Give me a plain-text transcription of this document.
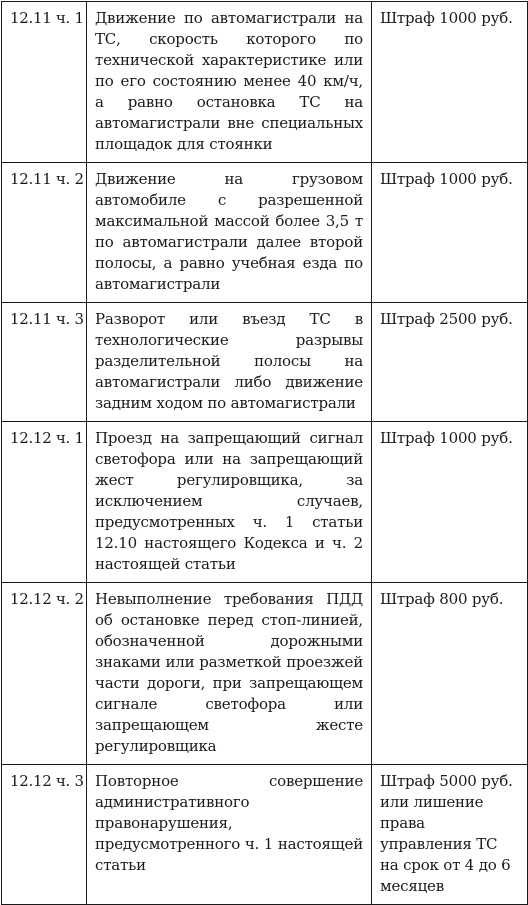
12.11 ч. 1	Движение по автомагистрали на ТС, скорость которого по технической характеристике или по его состоянию менее 40 км/ч, а равно остановка ТС на автомагистрали вне специальных площадок для стоянки	Штраф 1000 руб.
12.11 ч. 2	Движение на грузовом автомобиле с разрешенной максимальной массой более 3,5 т по автомагистрали далее второй полосы, а равно учебная езда по автомагистрали	Штраф 1000 руб.
12.11 ч. 3	Разворот или въезд ТС в технологические разрывы разделительной полосы на автомагистрали либо движение задним ходом по автомагистрали	Штраф 2500 руб.
12.12 ч. 1	Проезд на запрещающий сигнал светофора или на запрещающий жест регулировщика, за исключением случаев, предусмотренных ч. 1 статьи 12.10 настоящего Кодекса и ч. 2 настоящей статьи	Штраф 1000 руб.
12.12 ч. 2	Невыполнение требования ПДД об остановке перед стоп-линией, обозначенной дорожными знаками или разметкой проезжей части дороги, при запрещающем сигнале светофора или запрещающем жесте регулировщика	Штраф 800 руб.
12.12 ч. 3	Повторное совершение административного правонарушения, предусмотренного ч. 1 настоящей статьи	Штраф 5000 руб. или лишение права управления ТС на срок от 4 до 6 месяцев
